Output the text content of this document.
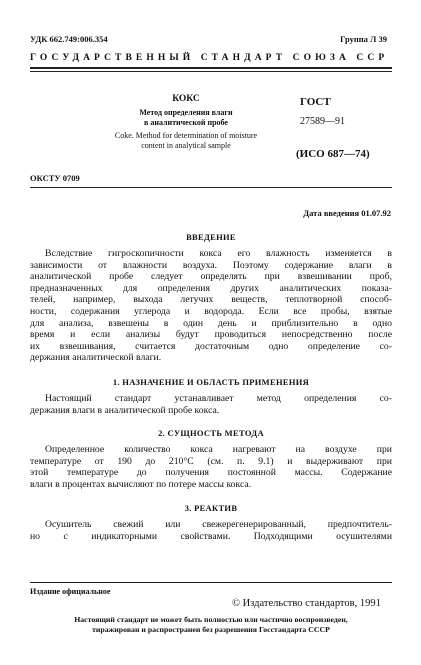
УДК 662.749:006.354	Группа Л 39
ГОСУДАРСТВЕННЫЙ СТАНДАРТ СОЮЗА ССР
КОКС
Метод определения влаги
в аналитической пробе
Coke. Method for determination of moisture
content in analytical sample
ГОСТ
27589—91
(ИСО 687—74)
ОКСТУ 0709
Дата введения 01.07.92
ВВЕДЕНИЕ
Вследствие гигроскопичности кокса его влажность изменяется в
зависимости от влажности воздуха. Поэтому содержание влаги в
аналитической пробе следует определять при взвешивании проб,
предназначенных для определения других аналитических показа-
телей, например, выхода летучих веществ, теплотворной способ-
ности, содержания углерода и водорода. Если все пробы, взятые
для анализа, взвешены в один день и приблизительно в одно
время и если анализы будут проводиться непосредственно после
их взвешивания, считается достаточным одно определение со-
держания аналитической влаги.
1. НАЗНАЧЕНИЕ И ОБЛАСТЬ ПРИМЕНЕНИЯ
Настоящий стандарт устанавливает метод определения со-
держания влаги в аналитической пробе кокса.
2. СУЩНОСТЬ МЕТОДА
Определенное количество кокса нагревают на воздухе при
температуре от 190 до 210°С (см. п. 9.1) и выдерживают при
этой температуре до получения постоянной массы. Содержание
влаги в процентах вычисляют по потере массы кокса.
3. РЕАКТИВ
Осушитель свежий или свежерегенерированный, предпочтитель-
но с индикаторными свойствами. Подходящими осушителями
Издание официальное
© Издательство стандартов, 1991
Настоящий стандарт не может быть полностью или частично воспроизведен,
тиражирован и распространен без разрешения Госстандарта СССР
